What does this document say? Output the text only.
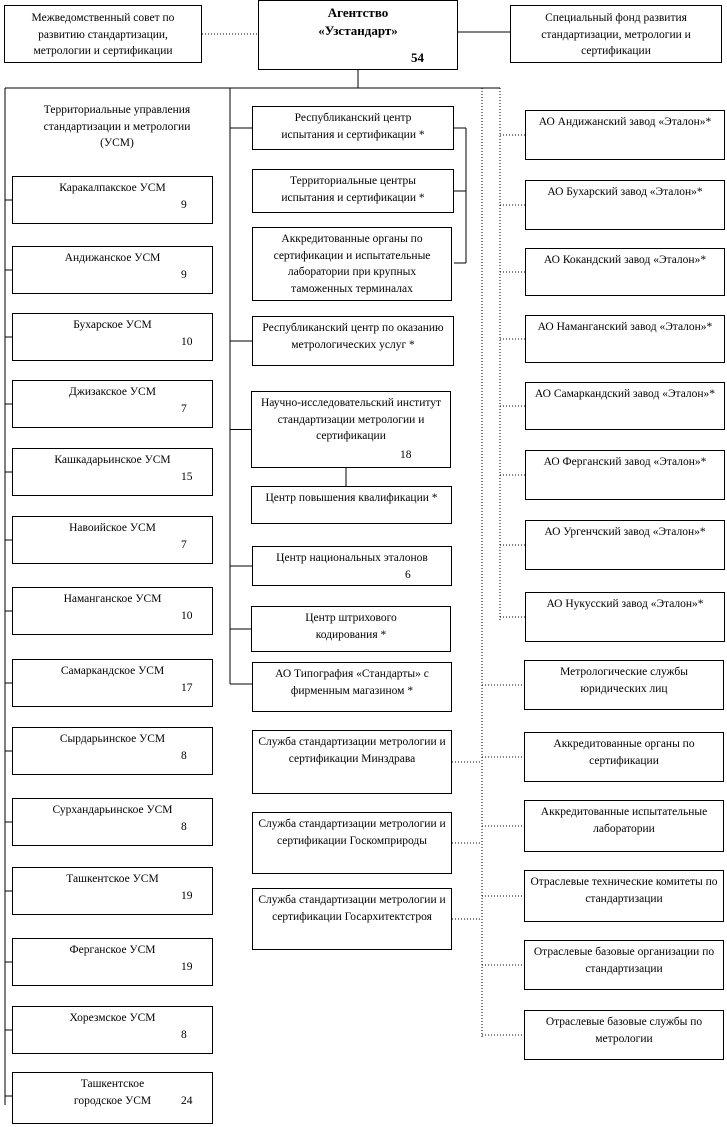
Межведомственный совет по развитию стандартизации, метрологии и сертификации
Агентство
«Узстандарт»
54
Специальный фонд развития стандартизации, метрологии и сертификации
Территориальные управления стандартизации и метрологии
(УСМ)
Каракалпакское УСМ
9
Андижанское УСМ
9
Бухарское УСМ
10
Джизакское УСМ
7
Кашкадарьинское УСМ
15
Навоийское УСМ
7
Наманганское УСМ
10
Самаркандское УСМ
17
Сырдарьинское УСМ
8
Сурхандарьинское УСМ
8
Ташкентское УСМ
19
Ферганское УСМ
19
Хорезмское УСМ
8
Ташкентское
городское УСМ	24
Республиканский центр
испытания и сертификации *
Территориальные центры
испытания и сертификации *
Аккредитованные органы по сертификации и испытательные лаборатории при крупных таможенных терминалах
Республиканский центр по оказанию метрологических услуг *
Научно-исследовательский институт стандартизации метрологии и сертификации
18
Центр повышения квалификации *
Центр национальных эталонов
6
Центр штрихового
кодирования *
АО Типография «Стандарты» с фирменным магазином *
Служба стандартизации метрологии и сертификации Минздрава
Служба стандартизации метрологии и сертификации Госкомприроды
Служба стандартизации метрологии и сертификации Госархитектстроя
АО Андижанский завод «Эталон»*
АО Бухарский завод «Эталон»*
АО Кокандский завод «Эталон»*
АО Наманганский завод «Эталон»*
АО Самаркандский завод «Эталон»*
АО Ферганский завод «Эталон»*
АО Ургенчский завод «Эталон»*
АО Нукусский завод «Эталон»*
Метрологические службы юридических лиц
Аккредитованные органы по сертификации
Аккредитованные испытательные лаборатории
Отраслевые технические комитеты по стандартизации
Отраслевые базовые организации по стандартизации
Отраслевые базовые службы по метрологии
